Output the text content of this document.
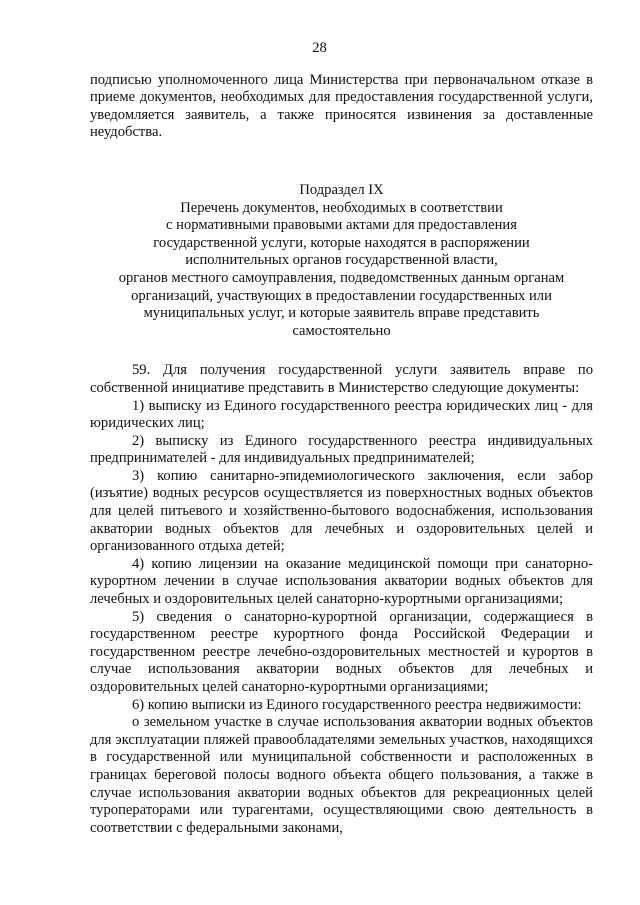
28

подписью уполномоченного лица Министерства при первоначальном отказе в приеме документов, необходимых для предоставления государственной услуги, уведомляется заявитель, а также приносятся извинения за доставленные неудобства.

Подраздел IX
Перечень документов, необходимых в соответствии
с нормативными правовыми актами для предоставления
государственной услуги, которые находятся в распоряжении
исполнительных органов государственной власти,
органов местного самоуправления, подведомственных данным органам
организаций, участвующих в предоставлении государственных или
муниципальных услуг, и которые заявитель вправе представить
самостоятельно

59. Для получения государственной услуги заявитель вправе по собственной инициативе представить в Министерство следующие документы:

1) выписку из Единого государственного реестра юридических лиц - для юридических лиц;

2) выписку из Единого государственного реестра индивидуальных предпринимателей - для индивидуальных предпринимателей;

3) копию санитарно-эпидемиологического заключения, если забор (изъятие) водных ресурсов осуществляется из поверхностных водных объектов для целей питьевого и хозяйственно-бытового водоснабжения, использования акватории водных объектов для лечебных и оздоровительных целей и организованного отдыха детей;

4) копию лицензии на оказание медицинской помощи при санаторно-курортном лечении в случае использования акватории водных объектов для лечебных и оздоровительных целей санаторно-курортными организациями;

5) сведения о санаторно-курортной организации, содержащиеся в государственном реестре курортного фонда Российской Федерации и государственном реестре лечебно-оздоровительных местностей и курортов в случае использования акватории водных объектов для лечебных и оздоровительных целей санаторно-курортными организациями;

6) копию выписки из Единого государственного реестра недвижимости:

о земельном участке в случае использования акватории водных объектов для эксплуатации пляжей правообладателями земельных участков, находящихся в государственной или муниципальной собственности и расположенных в границах береговой полосы водного объекта общего пользования, а также в случае использования акватории водных объектов для рекреационных целей туроператорами или турагентами, осуществляющими свою деятельность в соответствии с федеральными законами,
